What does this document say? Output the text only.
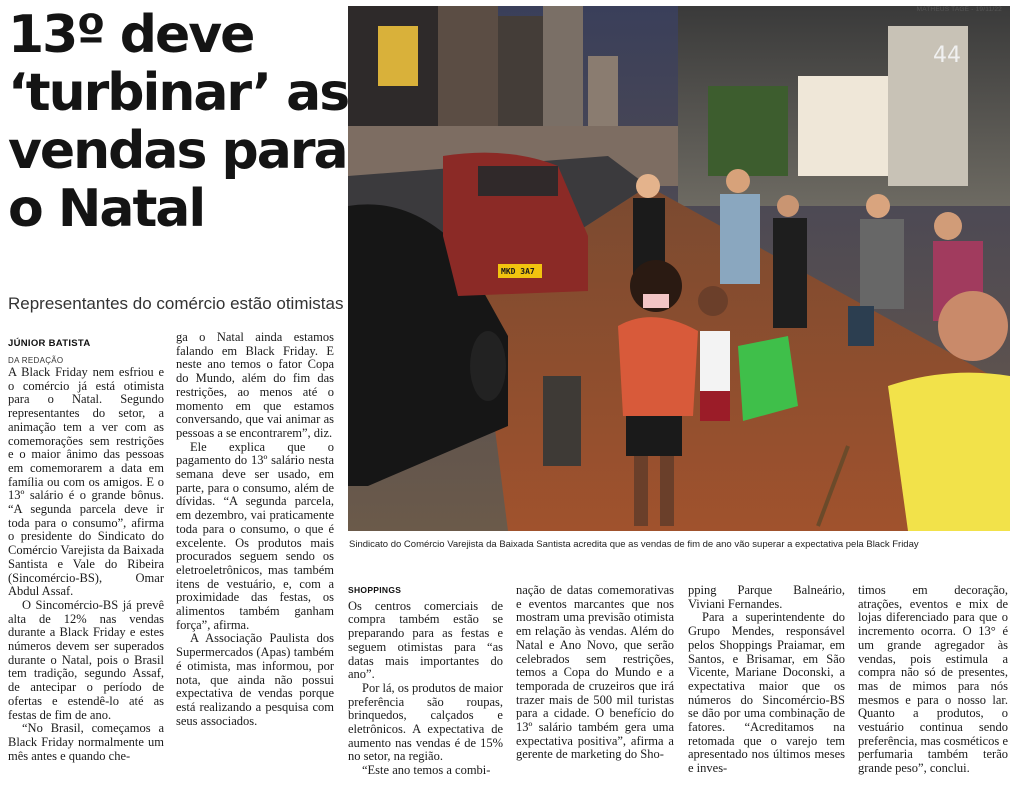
13º deve
‘turbinar’ as
vendas para
o Natal
Representantes do comércio estão otimistas
JÚNIOR BATISTA
DA REDAÇÃO

A Black Friday nem esfriou e o comércio já está otimista para o Natal. Segundo representantes do setor, a animação tem a ver com as comemorações sem restrições e o maior ânimo das pessoas em comemorarem a data em família ou com os amigos. E o 13º salário é o grande bônus. “A segunda parcela deve ir toda para o consumo”, afirma o presidente do Sindicato do Comércio Varejista da Baixada Santista e Vale do Ribeira (Sincomércio-BS), Omar Abdul Assaf.

O Sincomércio-BS já prevê alta de 12% nas vendas durante a Black Friday e estes números devem ser superados durante o Natal, pois o Brasil tem tradição, segundo Assaf, de antecipar o período de ofertas e estendê-lo até as festas de fim de ano.

“No Brasil, começamos a Black Friday normalmente um mês antes e quando che-

ga o Natal ainda estamos falando em Black Friday. E neste ano temos o fator Copa do Mundo, além do fim das restrições, ao menos até o momento em que estamos conversando, que vai animar as pessoas a se encontrarem”, diz.

Ele explica que o pagamento do 13º salário nesta semana deve ser usado, em parte, para o consumo, além de dívidas. “A segunda parcela, em dezembro, vai praticamente toda para o consumo, o que é excelente. Os produtos mais procurados seguem sendo os eletroeletrônicos, mas também itens de vestuário, e, com a proximidade das festas, os alimentos também ganham força”, afirma.

A Associação Paulista dos Supermercados (Apas) também é otimista, mas informou, por nota, que ainda não possui expectativa de vendas porque está realizando a pesquisa com seus associados.

44
MKD 3A7
MATHEUS TAGÉ - 19/11/22
Sindicato do Comércio Varejista da Baixada Santista acredita que as vendas de fim de ano vão superar a expectativa pela Black Friday
SHOPPINGS

Os centros comerciais de compra também estão se preparando para as festas e seguem otimistas para “as datas mais importantes do ano”.

Por lá, os produtos de maior preferência são roupas, brinquedos, calçados e eletrônicos. A expectativa de aumento nas vendas é de 15% no setor, na região.

“Este ano temos a combi-

nação de datas comemorativas e eventos marcantes que nos mostram uma previsão otimista em relação às vendas. Além do Natal e Ano Novo, que serão celebrados sem restrições, temos a Copa do Mundo e a temporada de cruzeiros que irá trazer mais de 500 mil turistas para a cidade. O benefício do 13º salário também gera uma expectativa positiva”, afirma a gerente de marketing do Sho-

pping Parque Balneário, Viviani Fernandes.

Para a superintendente do Grupo Mendes, responsável pelos Shoppings Praiamar, em Santos, e Brisamar, em São Vicente, Mariane Doconski, a expectativa maior que os números do Sincomércio-BS se dão por uma combinação de fatores. “Acreditamos na retomada que o varejo tem apresentado nos últimos meses e inves-

timos em decoração, atrações, eventos e mix de lojas diferenciado para que o incremento ocorra. O 13° é um grande agregador às vendas, pois estimula a compra não só de presentes, mas de mimos para nós mesmos e para o nosso lar. Quanto a produtos, o vestuário continua sendo preferência, mas cosméticos e perfumaria também terão grande peso”, conclui.
